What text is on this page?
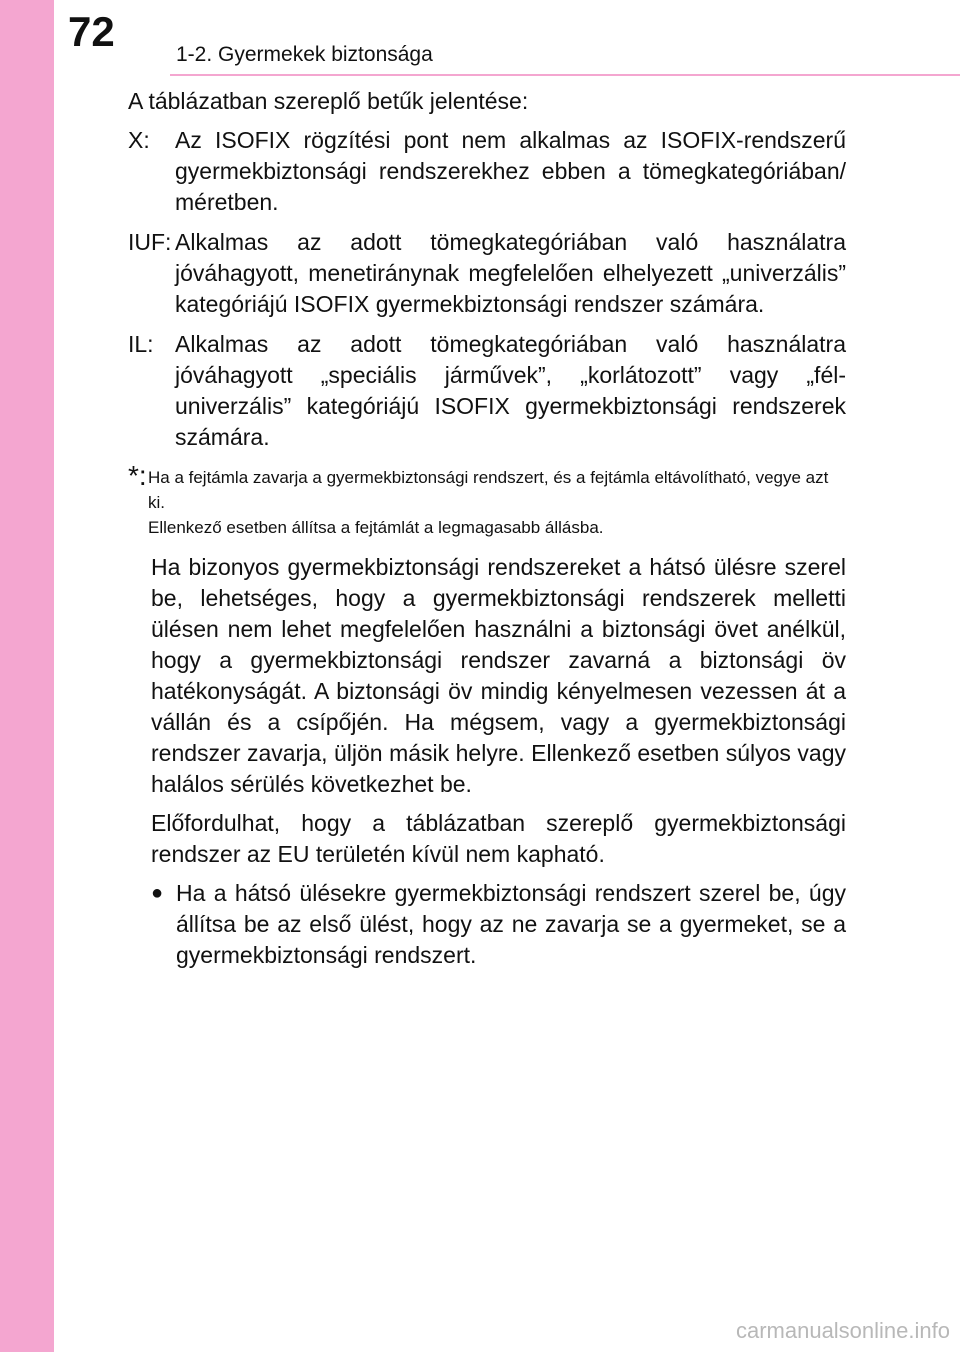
72	1-2. Gyermekek biztonsága

A táblázatban szereplő betűk jelentése:

X:	Az ISOFIX rögzítési pont nem alkalmas az ISOFIX-rendszerű gyermekbiztonsági rendszerekhez ebben a tömegkategóriában/ méretben.
IUF: Alkalmas az adott tömegkategóriában való használatra jóváhagyott, menetiránynak megfelelően elhelyezett „univerzális” kategóriájú ISOFIX gyermekbiztonsági rendszer számára.
IL: Alkalmas az adott tömegkategóriában való használatra jóváhagyott „speciális járművek”, „korlátozott” vagy „fél-univerzális” kategóriájú ISOFIX gyermekbiztonsági rendszerek számára.
*: Ha a fejtámla zavarja a gyermekbiztonsági rendszert, és a fejtámla eltávolítható, vegye azt ki.
Ellenkező esetben állítsa a fejtámlát a legmagasabb állásba.

Ha bizonyos gyermekbiztonsági rendszereket a hátsó ülésre szerel be, lehetséges, hogy a gyermekbiztonsági rendszerek melletti ülésen nem lehet megfelelően használni a biztonsági övet anélkül, hogy a gyermekbiztonsági rendszer zavarná a biztonsági öv hatékonyságát. A biztonsági öv mindig kényelmesen vezessen át a vállán és a csípőjén. Ha mégsem, vagy a gyermekbiztonsági rendszer zavarja, üljön másik helyre. Ellenkező esetben súlyos vagy halálos sérülés következhet be.

Előfordulhat, hogy a táblázatban szereplő gyermekbiztonsági rendszer az EU területén kívül nem kapható.

● Ha a hátsó ülésekre gyermekbiztonsági rendszert szerel be, úgy állítsa be az első ülést, hogy az ne zavarja se a gyermeket, se a gyermekbiztonsági rendszert.
carmanualsonline.info
